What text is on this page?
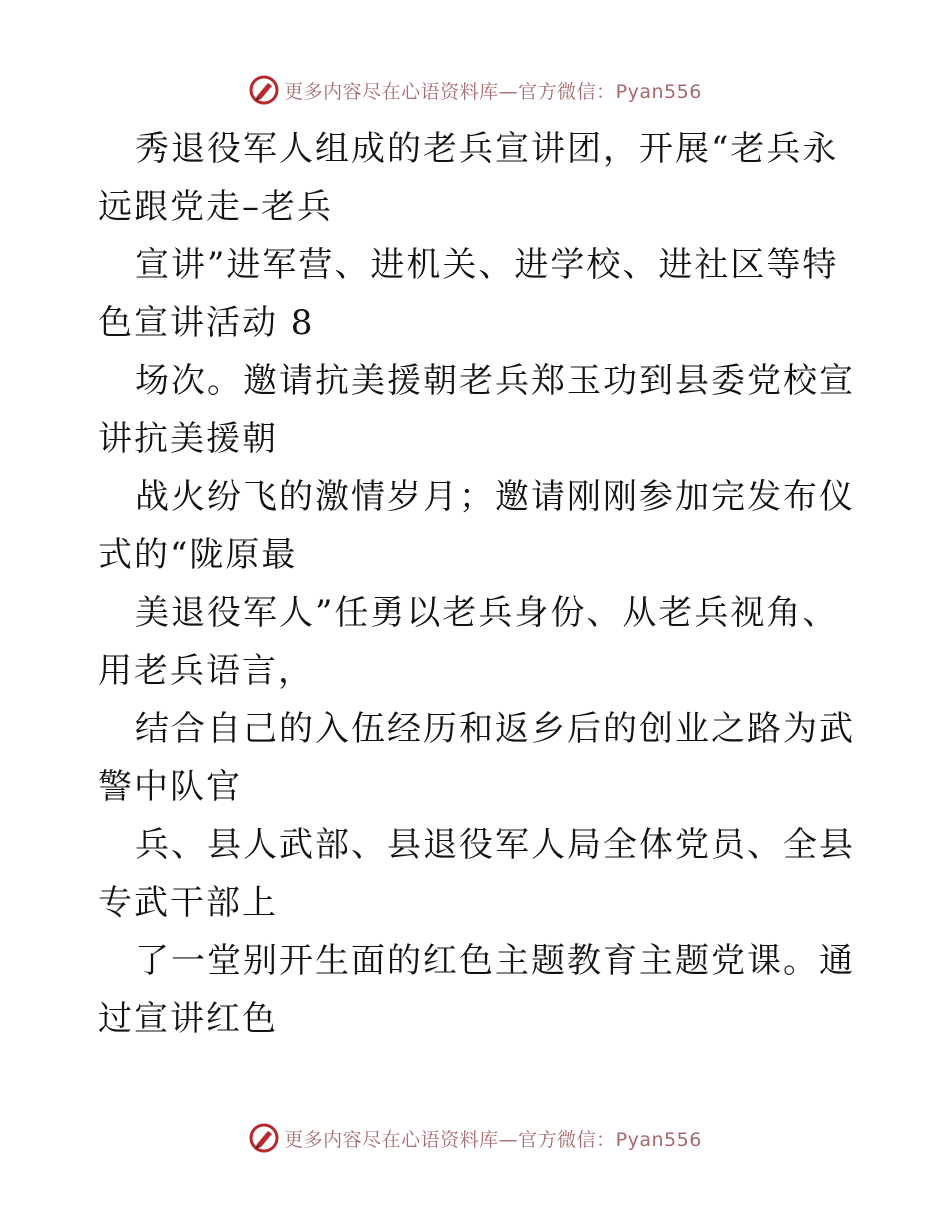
更多内容尽在心语资料库—官方微信：Pyan556

秀退役军人组成的老兵宣讲团，开展“老兵永远跟党走–老兵

宣讲”进军营、进机关、进学校、进社区等特色宣讲活动 8

场次。邀请抗美援朝老兵郑玉功到县委党校宣讲抗美援朝

战火纷飞的激情岁月；邀请刚刚参加完发布仪式的“陇原最

美退役军人”任勇以老兵身份、从老兵视角、用老兵语言，

结合自己的入伍经历和返乡后的创业之路为武警中队官

兵、县人武部、县退役军人局全体党员、全县专武干部上

了一堂别开生面的红色主题教育主题党课。通过宣讲红色

更多内容尽在心语资料库—官方微信：Pyan556
